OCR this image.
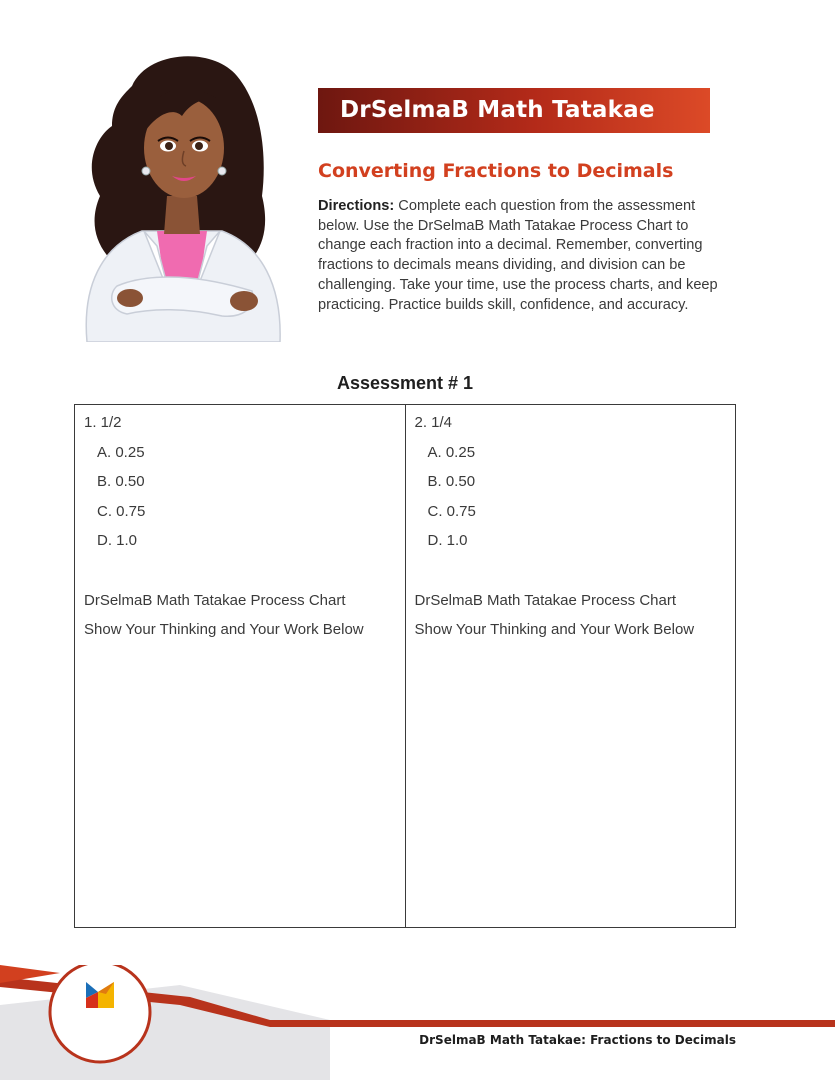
DrSelmaB Math Tatakae
Converting Fractions to Decimals

Directions: Complete each question from the assessment below. Use the DrSelmaB Math Tatakae Process Chart to change each fraction into a decimal. Remember, converting fractions to decimals means dividing, and division can be challenging. Take your time, use the process charts, and keep practicing. Practice builds skill, confidence, and accuracy.

Assessment # 1
1. 1/2
A. 0.25
B. 0.50
C. 0.75
D. 1.0
DrSelmaB Math Tatakae Process Chart
Show Your Thinking and Your Work Below
2. 1/4
A. 0.25
B. 0.50
C. 0.75
D. 1.0
DrSelmaB Math Tatakae Process Chart
Show Your Thinking and Your Work Below
DrSelmaB Math Tatakae: Fractions to Decimals
